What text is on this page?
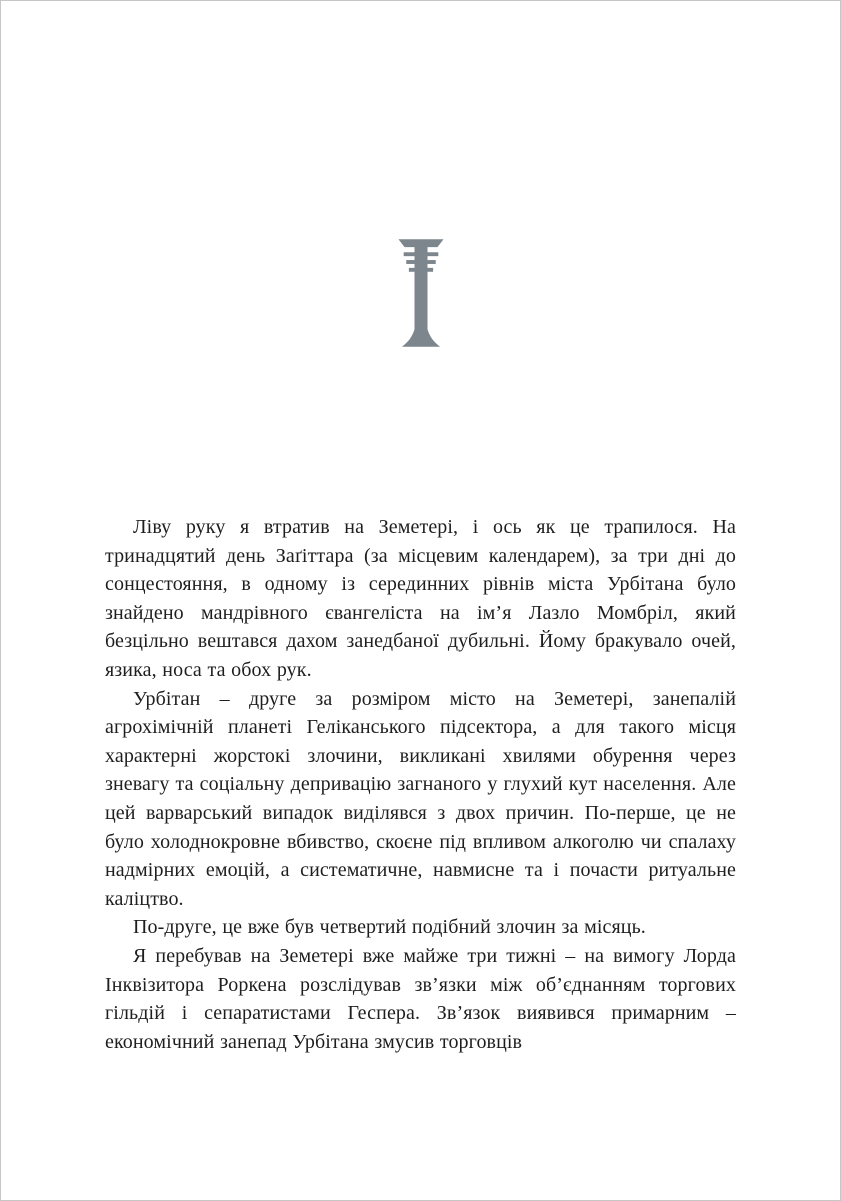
Ліву руку я втратив на Земетері, і ось як це трапилося. На тринадцятий день Заґіттара (за місцевим календарем), за три дні до сонцестояння, в одному із серединних рівнів міста Урбітана було знайдено мандрівного євангеліста на ім’я Лазло Момбріл, який безцільно вештався дахом занедбаної дубильні. Йому бракувало очей, язика, носа та обох рук.

Урбітан – друге за розміром місто на Земетері, занепалій агрохімічній планеті Геліканського підсектора, а для такого місця характерні жорстокі злочини, викликані хвилями обурення через зневагу та соціальну депривацію загнаного у глухий кут населення. Але цей варварський випадок виділявся з двох причин. По-перше, це не було холоднокровне вбивство, скоєне під впливом алкоголю чи спалаху надмірних емоцій, а систематичне, навмисне та і почасти ритуальне каліцтво.

По-друге, це вже був четвертий подібний злочин за місяць.

Я перебував на Земетері вже майже три тижні – на вимогу Лорда Інквізитора Роркена розслідував зв’язки між об’єднанням торгових гільдій і сепаратистами Геспера. Зв’язок виявився примарним – економічний занепад Урбітана змусив торговців
